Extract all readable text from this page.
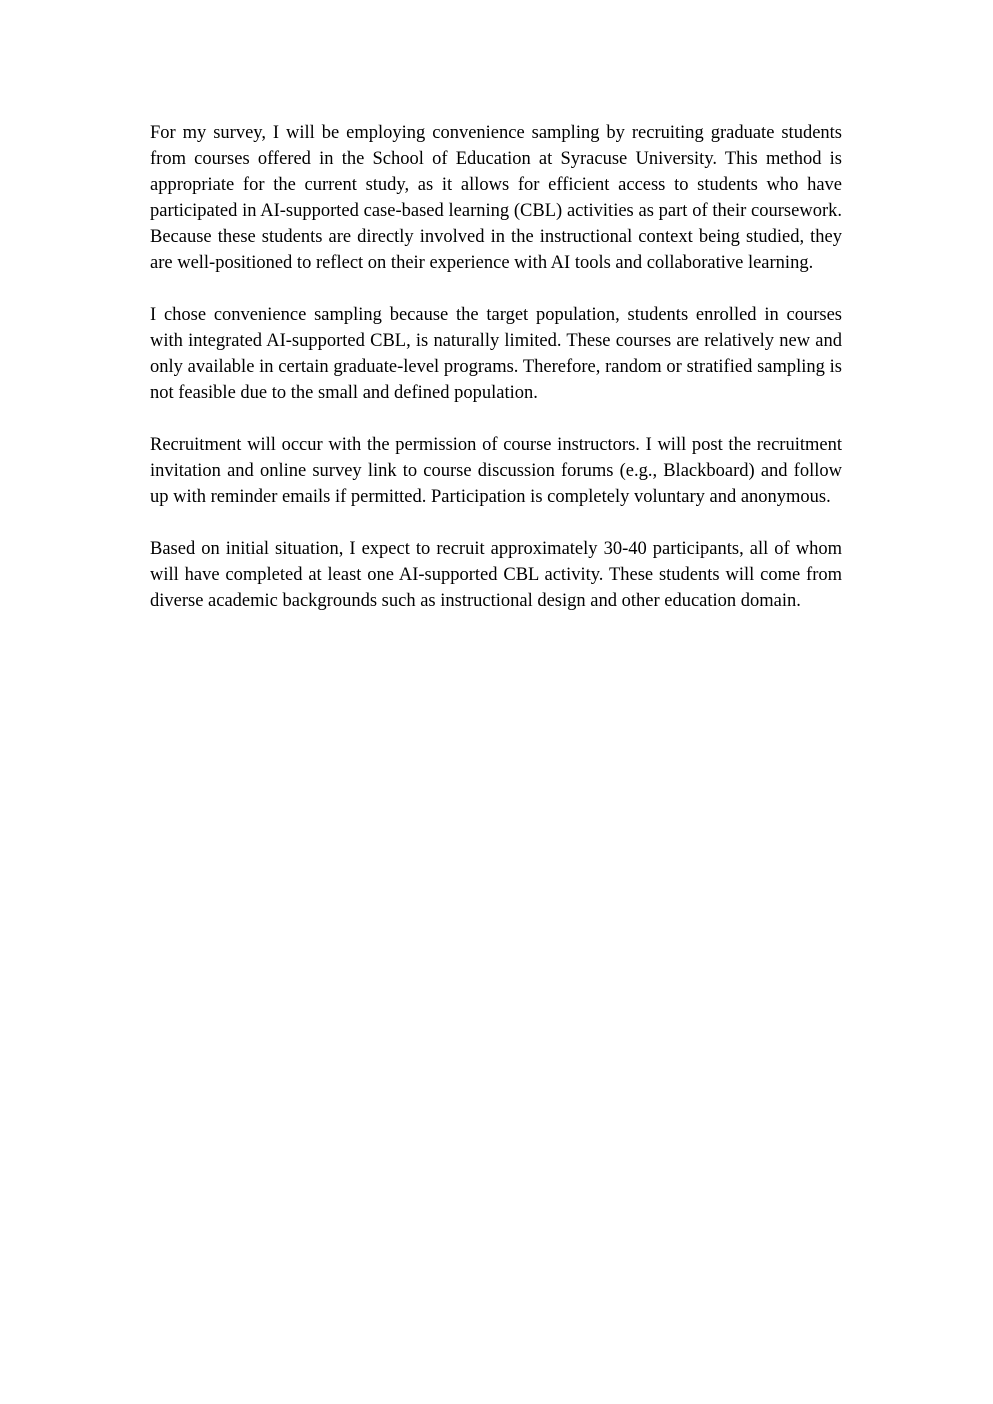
For my survey, I will be employing convenience sampling by recruiting graduate students from courses offered in the School of Education at Syracuse University. This method is appropriate for the current study, as it allows for efficient access to students who have participated in AI-supported case-based learning (CBL) activities as part of their coursework. Because these students are directly involved in the instructional context being studied, they are well-positioned to reflect on their experience with AI tools and collaborative learning.

I chose convenience sampling because the target population, students enrolled in courses with integrated AI-supported CBL, is naturally limited. These courses are relatively new and only available in certain graduate-level programs. Therefore, random or stratified sampling is not feasible due to the small and defined population.

Recruitment will occur with the permission of course instructors. I will post the recruitment invitation and online survey link to course discussion forums (e.g., Blackboard) and follow up with reminder emails if permitted. Participation is completely voluntary and anonymous.

Based on initial situation, I expect to recruit approximately 30-40 participants, all of whom will have completed at least one AI-supported CBL activity. These students will come from diverse academic backgrounds such as instructional design and other education domain.
